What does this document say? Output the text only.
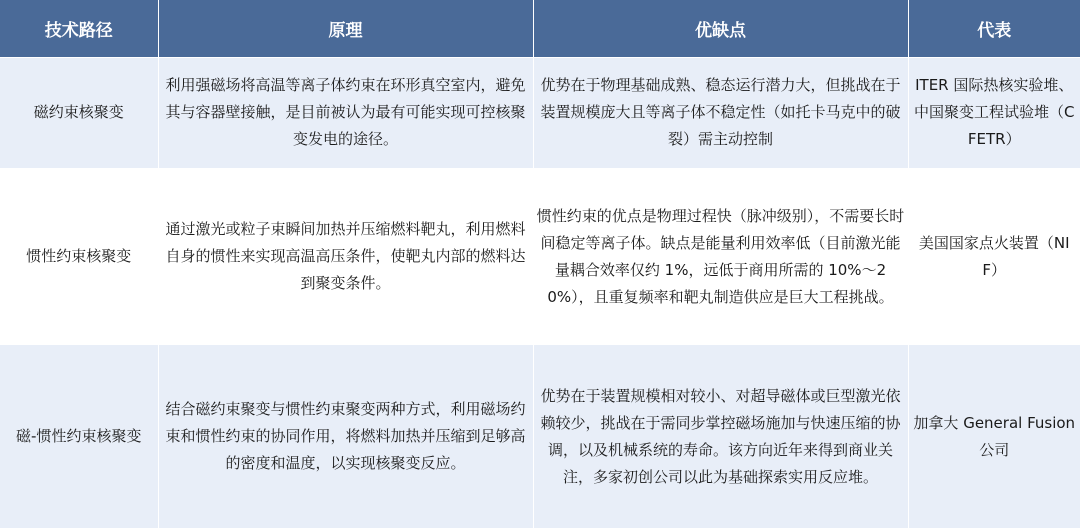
技术路径	原理	优缺点	代表
磁约束核聚变	利用强磁场将高温等离子体约束在环形真空室内，避免其与容器壁接触，是目前被认为最有可能实现可控核聚变发电的途径。	优势在于物理基础成熟、稳态运行潜力大，但挑战在于装置规模庞大且等离子体不稳定性（如托卡马克中的破裂）需主动控制	ITER 国际热核实验堆、中国聚变工程试验堆（CFETR）
惯性约束核聚变	通过激光或粒子束瞬间加热并压缩燃料靶丸，利用燃料自身的惯性来实现高温高压条件，使靶丸内部的燃料达到聚变条件。	惯性约束的优点是物理过程快（脉冲级别），不需要长时间稳定等离子体。缺点是能量利用效率低（目前激光能量耦合效率仅约 1%，远低于商用所需的 10%～20%），且重复频率和靶丸制造供应是巨大工程挑战。	美国国家点火装置（NIF）
磁-惯性约束核聚变	结合磁约束聚变与惯性约束聚变两种方式，利用磁场约束和惯性约束的协同作用，将燃料加热并压缩到足够高的密度和温度，以实现核聚变反应。	优势在于装置规模相对较小、对超导磁体或巨型激光依赖较少，挑战在于需同步掌控磁场施加与快速压缩的协调，以及机械系统的寿命。该方向近年来得到商业关注，多家初创公司以此为基础探索实用反应堆。	加拿大 General Fusion 公司
